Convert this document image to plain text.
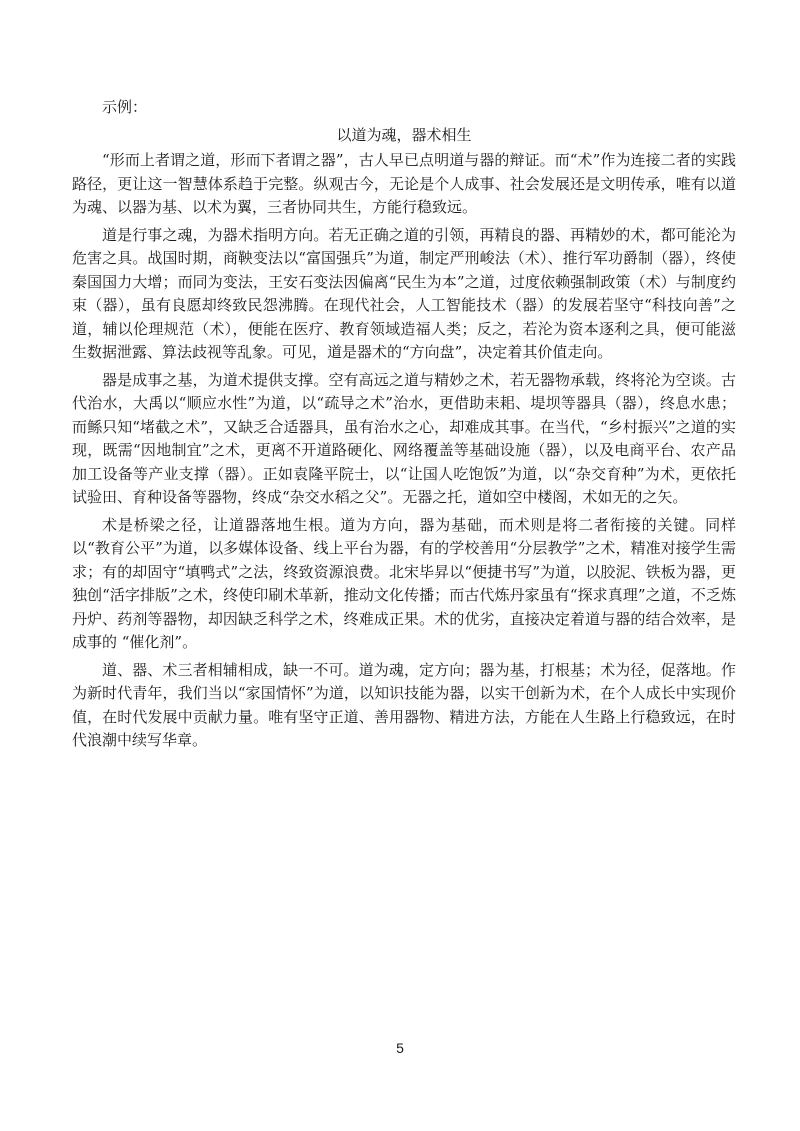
示例：
以道为魂，器术相生

“形而上者谓之道，形而下者谓之器”，古人早已点明道与器的辩证。而“术”作为连接二者的实践路径，更让这一智慧体系趋于完整。纵观古今，无论是个人成事、社会发展还是文明传承，唯有以道为魂、以器为基、以术为翼，三者协同共生，方能行稳致远。

道是行事之魂，为器术指明方向。若无正确之道的引领，再精良的器、再精妙的术，都可能沦为危害之具。战国时期，商鞅变法以“富国强兵”为道，制定严刑峻法（术）、推行军功爵制（器），终使秦国国力大增；而同为变法，王安石变法因偏离“民生为本”之道，过度依赖强制政策（术）与制度约束（器），虽有良愿却终致民怨沸腾。在现代社会，人工智能技术（器）的发展若坚守“科技向善”之道，辅以伦理规范（术），便能在医疗、教育领域造福人类；反之，若沦为资本逐利之具，便可能滋生数据泄露、算法歧视等乱象。可见，道是器术的“方向盘”，决定着其价值走向。

器是成事之基，为道术提供支撑。空有高远之道与精妙之术，若无器物承载，终将沦为空谈。古代治水，大禹以“顺应水性”为道，以“疏导之术”治水，更借助耒耜、堤坝等器具（器），终息水患；而鲧只知“堵截之术”，又缺乏合适器具，虽有治水之心，却难成其事。在当代，“乡村振兴”之道的实现，既需“因地制宜”之术，更离不开道路硬化、网络覆盖等基础设施（器），以及电商平台、农产品加工设备等产业支撑（器）。正如袁隆平院士，以“让国人吃饱饭”为道，以“杂交育种”为术，更依托试验田、育种设备等器物，终成“杂交水稻之父”。无器之托，道如空中楼阁，术如无的之矢。

术是桥梁之径，让道器落地生根。道为方向，器为基础，而术则是将二者衔接的关键。同样以“教育公平”为道，以多媒体设备、线上平台为器，有的学校善用“分层教学”之术，精准对接学生需求；有的却固守“填鸭式”之法，终致资源浪费。北宋毕昇以“便捷书写”为道，以胶泥、铁板为器，更独创“活字排版”之术，终使印刷术革新，推动文化传播；而古代炼丹家虽有“探求真理”之道，不乏炼丹炉、药剂等器物，却因缺乏科学之术，终难成正果。术的优劣，直接决定着道与器的结合效率，是成事的 “催化剂”。

道、器、术三者相辅相成，缺一不可。道为魂，定方向；器为基，打根基；术为径，促落地。作为新时代青年，我们当以“家国情怀”为道，以知识技能为器，以实干创新为术，在个人成长中实现价值，在时代发展中贡献力量。唯有坚守正道、善用器物、精进方法，方能在人生路上行稳致远，在时代浪潮中续写华章。

5
